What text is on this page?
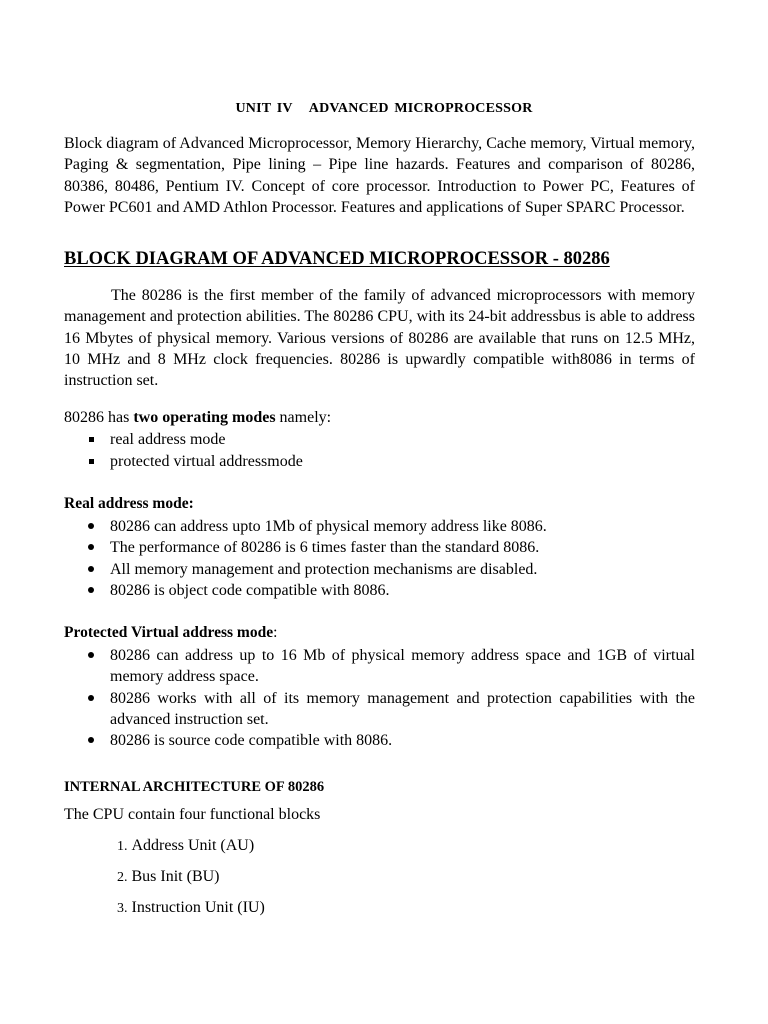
UNIT IV   ADVANCED MICROPROCESSOR
Block diagram of Advanced Microprocessor, Memory Hierarchy, Cache memory, Virtual memory, Paging & segmentation, Pipe lining – Pipe line hazards. Features and comparison of 80286, 80386, 80486, Pentium IV. Concept of core processor. Introduction to Power PC, Features of Power PC601 and AMD Athlon Processor. Features and applications of Super SPARC Processor.
BLOCK DIAGRAM OF ADVANCED MICROPROCESSOR - 80286
The 80286 is the first member of the family of advanced microprocessors with memory management and protection abilities. The 80286 CPU, with its 24-bit addressbus is able to address 16 Mbytes of physical memory. Various versions of 80286 are available that runs on 12.5 MHz, 10 MHz and 8 MHz clock frequencies. 80286 is upwardly compatible with8086 in terms of instruction set.
80286 has two operating modes namely:
real address mode
protected virtual addressmode
Real address mode:
80286 can address upto 1Mb of physical memory address like 8086.
The performance of 80286 is 6 times faster than the standard 8086.
All memory management and protection mechanisms are disabled.
80286 is object code compatible with 8086.
Protected Virtual address mode:
80286 can address up to 16 Mb of physical memory address space and 1GB of virtual memory address space.
80286 works with all of its memory management and protection capabilities with the advanced instruction set.
80286 is source code compatible with 8086.
INTERNAL ARCHITECTURE OF 80286
The CPU contain four functional blocks
1. Address Unit (AU)
2. Bus Init (BU)
3. Instruction Unit (IU)
